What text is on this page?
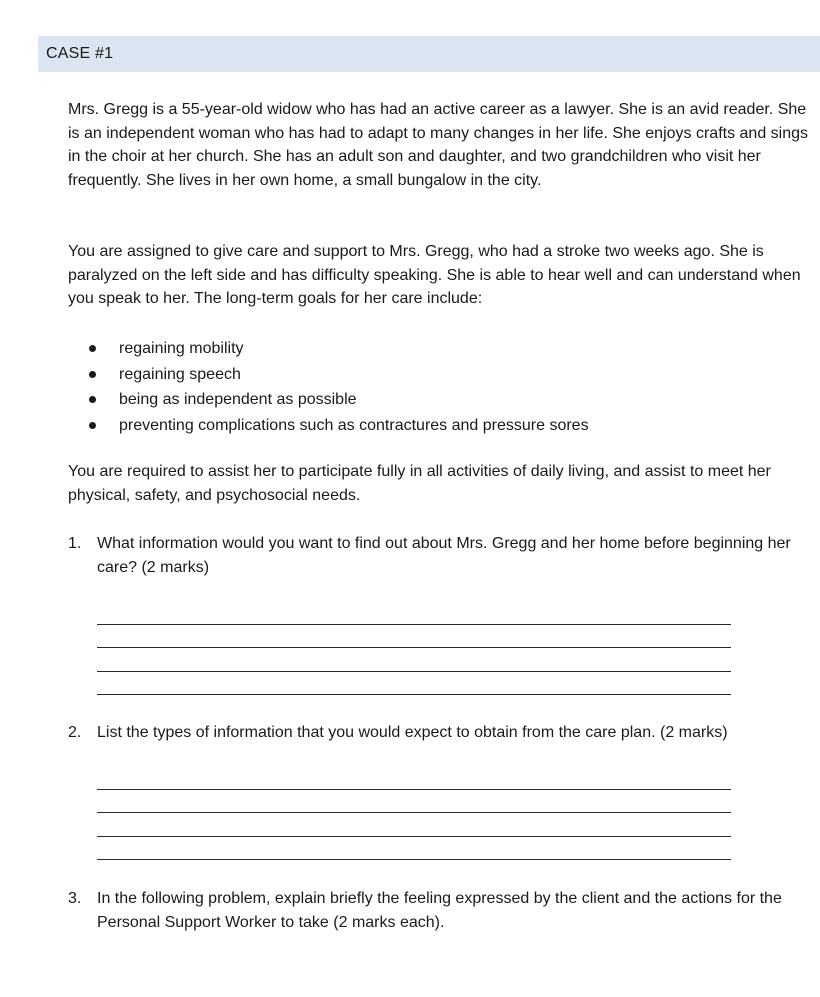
CASE #1

Mrs. Gregg is a 55-year-old widow who has had an active career as a lawyer. She is an avid reader. She is an independent woman who has had to adapt to many changes in her life. She enjoys crafts and sings in the choir at her church. She has an adult son and daughter, and two grandchildren who visit her frequently. She lives in her own home, a small bungalow in the city.

You are assigned to give care and support to Mrs. Gregg, who had a stroke two weeks ago. She is paralyzed on the left side and has difficulty speaking. She is able to hear well and can understand when you speak to her. The long-term goals for her care include:

regaining mobility
regaining speech
being as independent as possible
preventing complications such as contractures and pressure sores

You are required to assist her to participate fully in all activities of daily living, and assist to meet her physical, safety, and psychosocial needs.

1. What information would you want to find out about Mrs. Gregg and her home before beginning her care? (2 marks)
2. List the types of information that you would expect to obtain from the care plan. (2 marks)
3. In the following problem, explain briefly the feeling expressed by the client and the actions for the Personal Support Worker to take (2 marks each).
